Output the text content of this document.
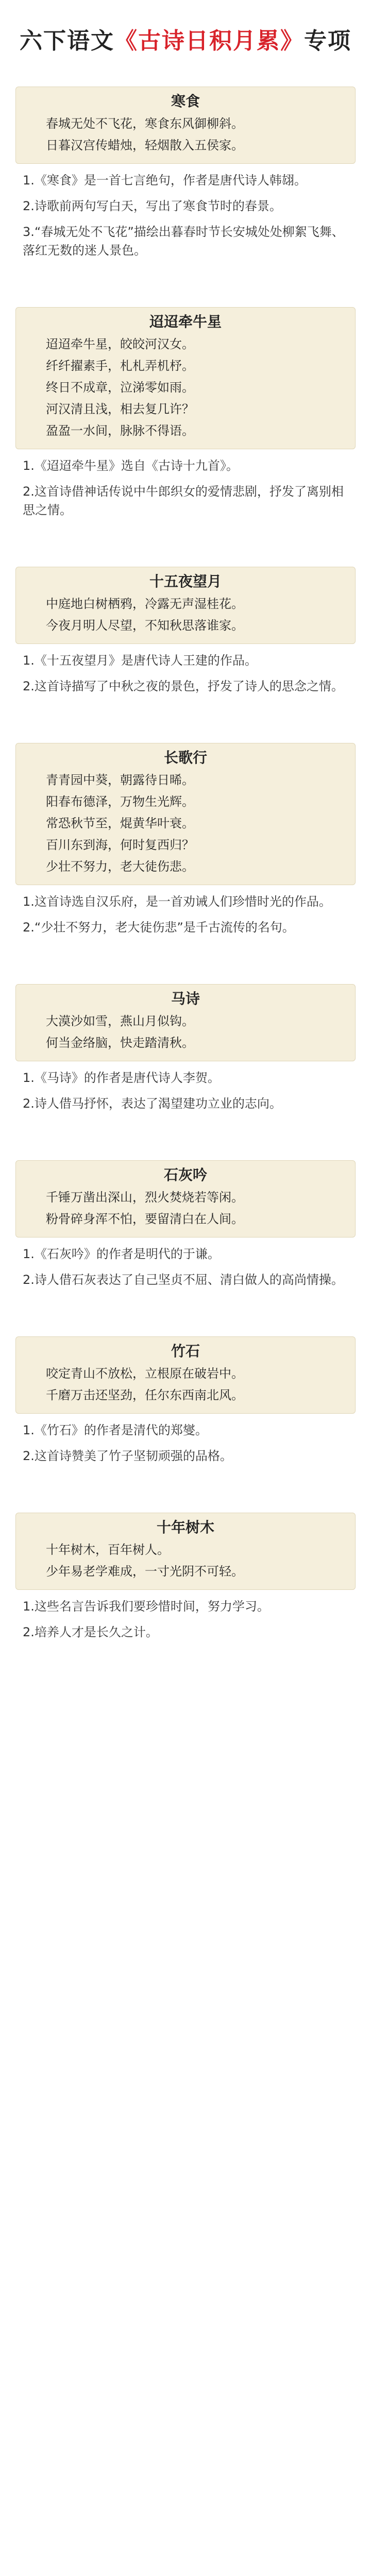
六下语文 《古诗日积月累》 专项
寒食
春城无处不飞花，寒食东风御柳斜。
日暮汉宫传蜡烛，轻烟散入五侯家。
1.《寒食》是一首七言绝句，作者是唐代诗人韩翃。
2.诗歌前两句写白天，写出了寒食节时的春景。
3.“春城无处不飞花”描绘出暮春时节长安城处处柳絮飞舞、落红无数的迷人景色。
迢迢牵牛星
迢迢牵牛星，皎皎河汉女。
纤纤擢素手，札札弄机杼。
终日不成章，泣涕零如雨。
河汉清且浅，相去复几许？
盈盈一水间，脉脉不得语。
1.《迢迢牵牛星》选自《古诗十九首》。
2.这首诗借神话传说中牛郎织女的爱情悲剧，抒发了离别相思之情。
十五夜望月
中庭地白树栖鸦，冷露无声湿桂花。
今夜月明人尽望，不知秋思落谁家。
1.《十五夜望月》是唐代诗人王建的作品。
2.这首诗描写了中秋之夜的景色，抒发了诗人的思念之情。
长歌行
青青园中葵，朝露待日晞。
阳春布德泽，万物生光辉。
常恐秋节至，焜黄华叶衰。
百川东到海，何时复西归？
少壮不努力，老大徒伤悲。
1.这首诗选自汉乐府，是一首劝诫人们珍惜时光的作品。
2.“少壮不努力，老大徒伤悲”是千古流传的名句。
马诗
大漠沙如雪，燕山月似钩。
何当金络脑，快走踏清秋。
1.《马诗》的作者是唐代诗人李贺。
2.诗人借马抒怀，表达了渴望建功立业的志向。
石灰吟
千锤万凿出深山，烈火焚烧若等闲。
粉骨碎身浑不怕，要留清白在人间。
1.《石灰吟》的作者是明代的于谦。
2.诗人借石灰表达了自己坚贞不屈、清白做人的高尚情操。
竹石
咬定青山不放松，立根原在破岩中。
千磨万击还坚劲，任尔东西南北风。
1.《竹石》的作者是清代的郑燮。
2.这首诗赞美了竹子坚韧顽强的品格。
十年树木
十年树木，百年树人。
少年易老学难成，一寸光阴不可轻。
1.这些名言告诉我们要珍惜时间，努力学习。
2.培养人才是长久之计。
